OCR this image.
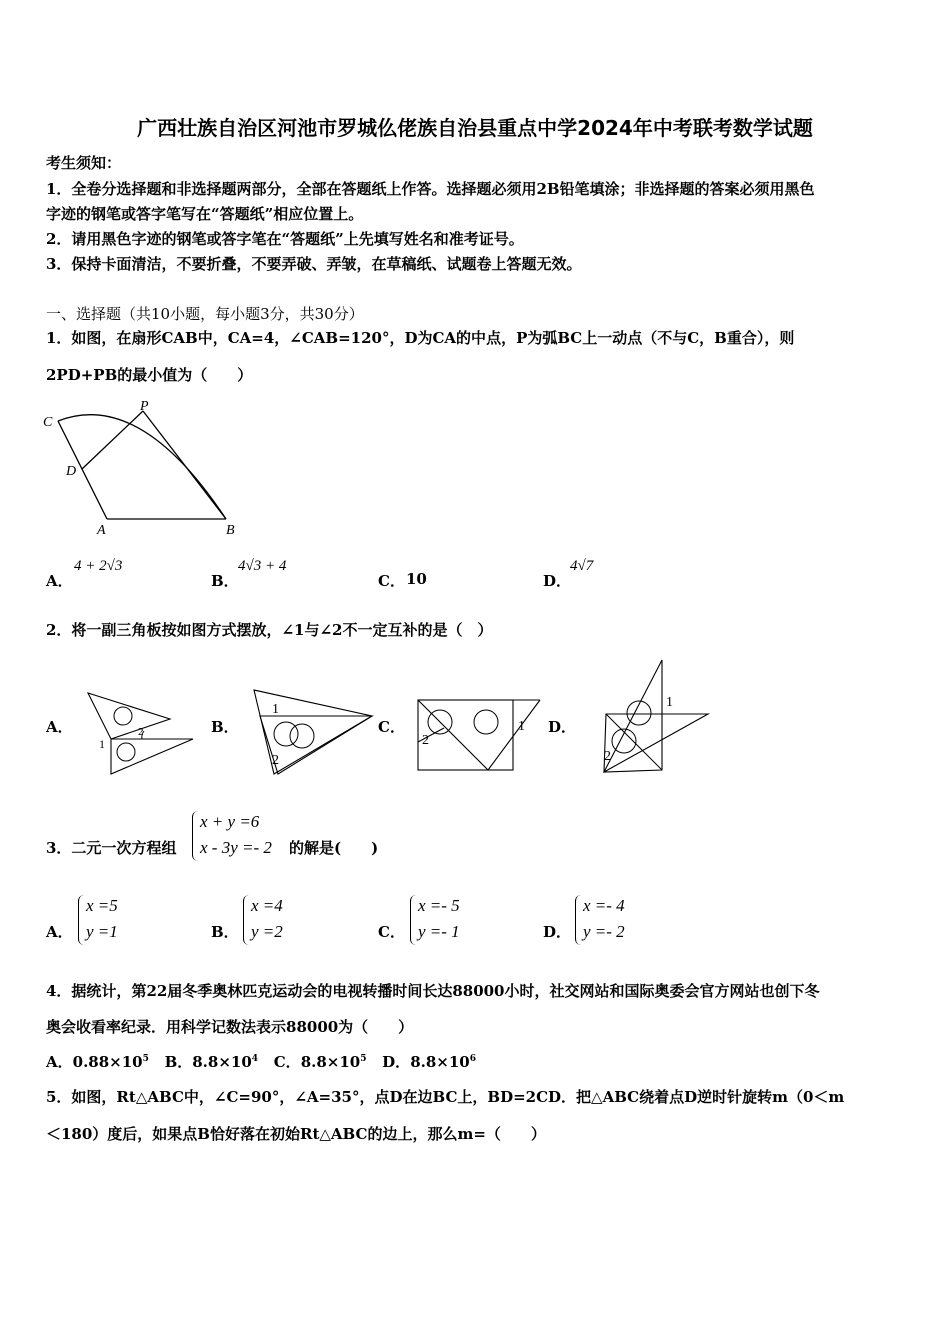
广西壮族自治区河池市罗城仫佬族自治县重点中学2024年中考联考数学试题
考生须知：
1．全卷分选择题和非选择题两部分，全部在答题纸上作答。选择题必须用2B铅笔填涂；非选择题的答案必须用黑色
字迹的钢笔或答字笔写在“答题纸”相应位置上。
2．请用黑色字迹的钢笔或答字笔在“答题纸”上先填写姓名和准考证号。
3．保持卡面清洁，不要折叠，不要弄破、弄皱，在草稿纸、试题卷上答题无效。
一、选择题（共10小题，每小题3分，共30分）
1．如图，在扇形CAB中，CA=4，∠CAB=120°，D为CA的中点，P为弧BC上一动点（不与C，B重合），则
2PD+PB的最小值为（　　）
C
P
D
A	B
A．
4 + 2√3
B．
4√3 + 4
C． 10	D．
4√7
2．将一副三角板按如图方式摆放，∠1与∠2不一定互补的是（　）
A．
1
2	B．
1
2
C．	1
2
D．
1
2
3．二元一次方程组
x + y =6
x - 3y =- 2 的解是(　　)
A．
x =5
y =1	B．
x =4
y =2	C．
x =- 5
y =- 1	D．
x =- 4
y =- 2
4．据统计，第22届冬季奥林匹克运动会的电视转播时间长达88000小时，社交网站和国际奥委会官方网站也创下冬
奥会收看率纪录．用科学记数法表示88000为（　　）
A．$0.88\times 10^5$ B．$8.8\times 10^4$ C．$8.8\times 10^5$ D．$8.8\times 10^6$
5．如图，Rt△ABC中，∠C=90°，∠A=35°，点D在边BC上，BD=2CD．把△ABC绕着点D逆时针旋转m（0＜m
＜180）度后，如果点B恰好落在初始Rt△ABC的边上，那么m=（　　）
